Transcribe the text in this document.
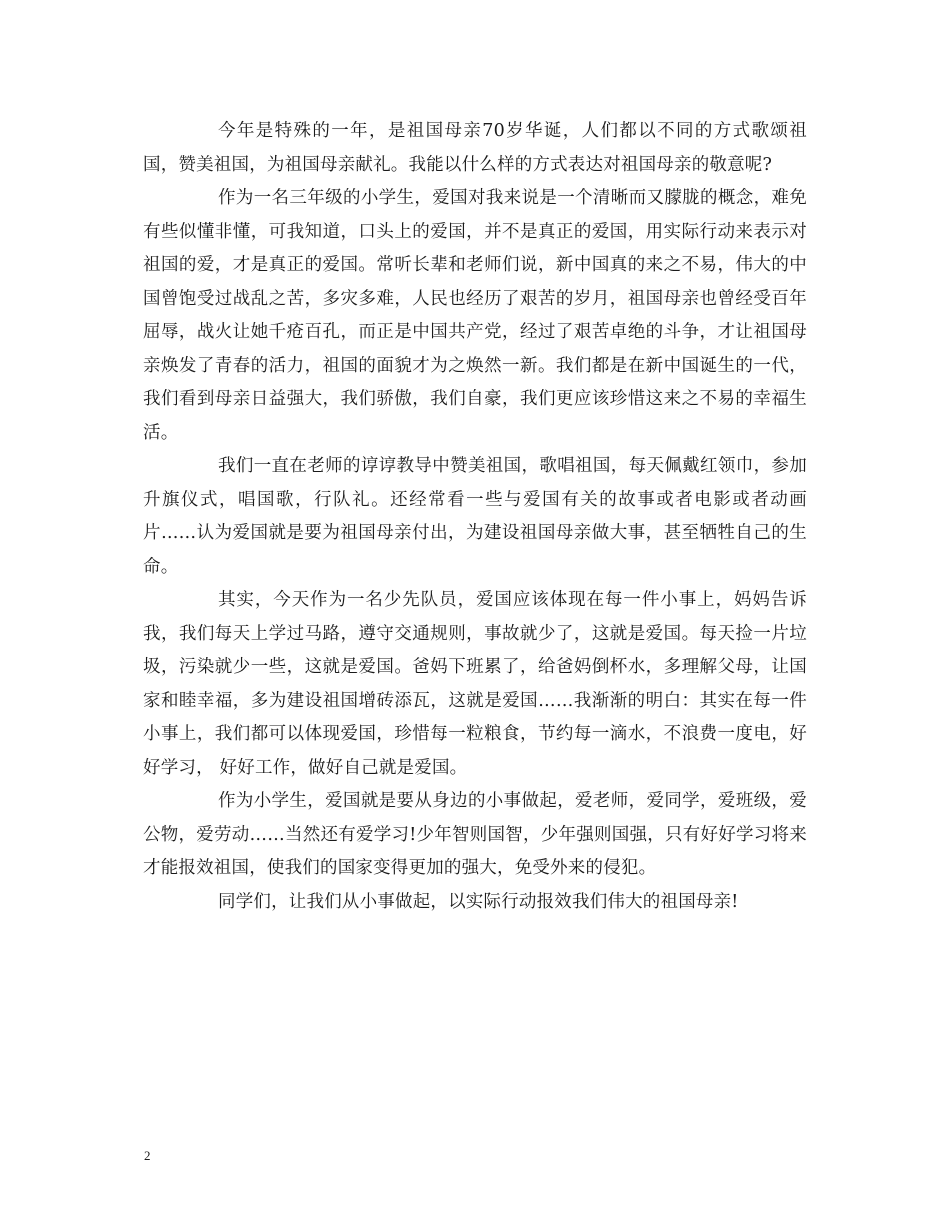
今年是特殊的一年，是祖国母亲70岁华诞，人们都以不同的方式歌颂祖国，赞美祖国，为祖国母亲献礼。我能以什么样的方式表达对祖国母亲的敬意呢?

作为一名三年级的小学生，爱国对我来说是一个清晰而又朦胧的概念，难免有些似懂非懂，可我知道，口头上的爱国，并不是真正的爱国，用实际行动来表示对祖国的爱，才是真正的爱国。常听长辈和老师们说，新中国真的来之不易，伟大的中国曾饱受过战乱之苦，多灾多难，人民也经历了艰苦的岁月，祖国母亲也曾经受百年屈辱，战火让她千疮百孔，而正是中国共产党，经过了艰苦卓绝的斗争，才让祖国母亲焕发了青春的活力，祖国的面貌才为之焕然一新。我们都是在新中国诞生的一代，我们看到母亲日益强大，我们骄傲，我们自豪，我们更应该珍惜这来之不易的幸福生活。

我们一直在老师的谆谆教导中赞美祖国，歌唱祖国，每天佩戴红领巾，参加升旗仪式，唱国歌，行队礼。还经常看一些与爱国有关的故事或者电影或者动画片……认为爱国就是要为祖国母亲付出，为建设祖国母亲做大事，甚至牺牲自己的生命。

其实，今天作为一名少先队员，爱国应该体现在每一件小事上，妈妈告诉我，我们每天上学过马路，遵守交通规则，事故就少了，这就是爱国。每天捡一片垃圾，污染就少一些，这就是爱国。爸妈下班累了，给爸妈倒杯水，多理解父母，让国家和睦幸福，多为建设祖国增砖添瓦，这就是爱国……我渐渐的明白：其实在每一件小事上，我们都可以体现爱国，珍惜每一粒粮食，节约每一滴水，不浪费一度电，好好学习， 好好工作，做好自己就是爱国。

作为小学生，爱国就是要从身边的小事做起，爱老师，爱同学，爱班级，爱公物，爱劳动……当然还有爱学习!少年智则国智，少年强则国强，只有好好学习将来才能报效祖国，使我们的国家变得更加的强大，免受外来的侵犯。

同学们，让我们从小事做起，以实际行动报效我们伟大的祖国母亲!

2
